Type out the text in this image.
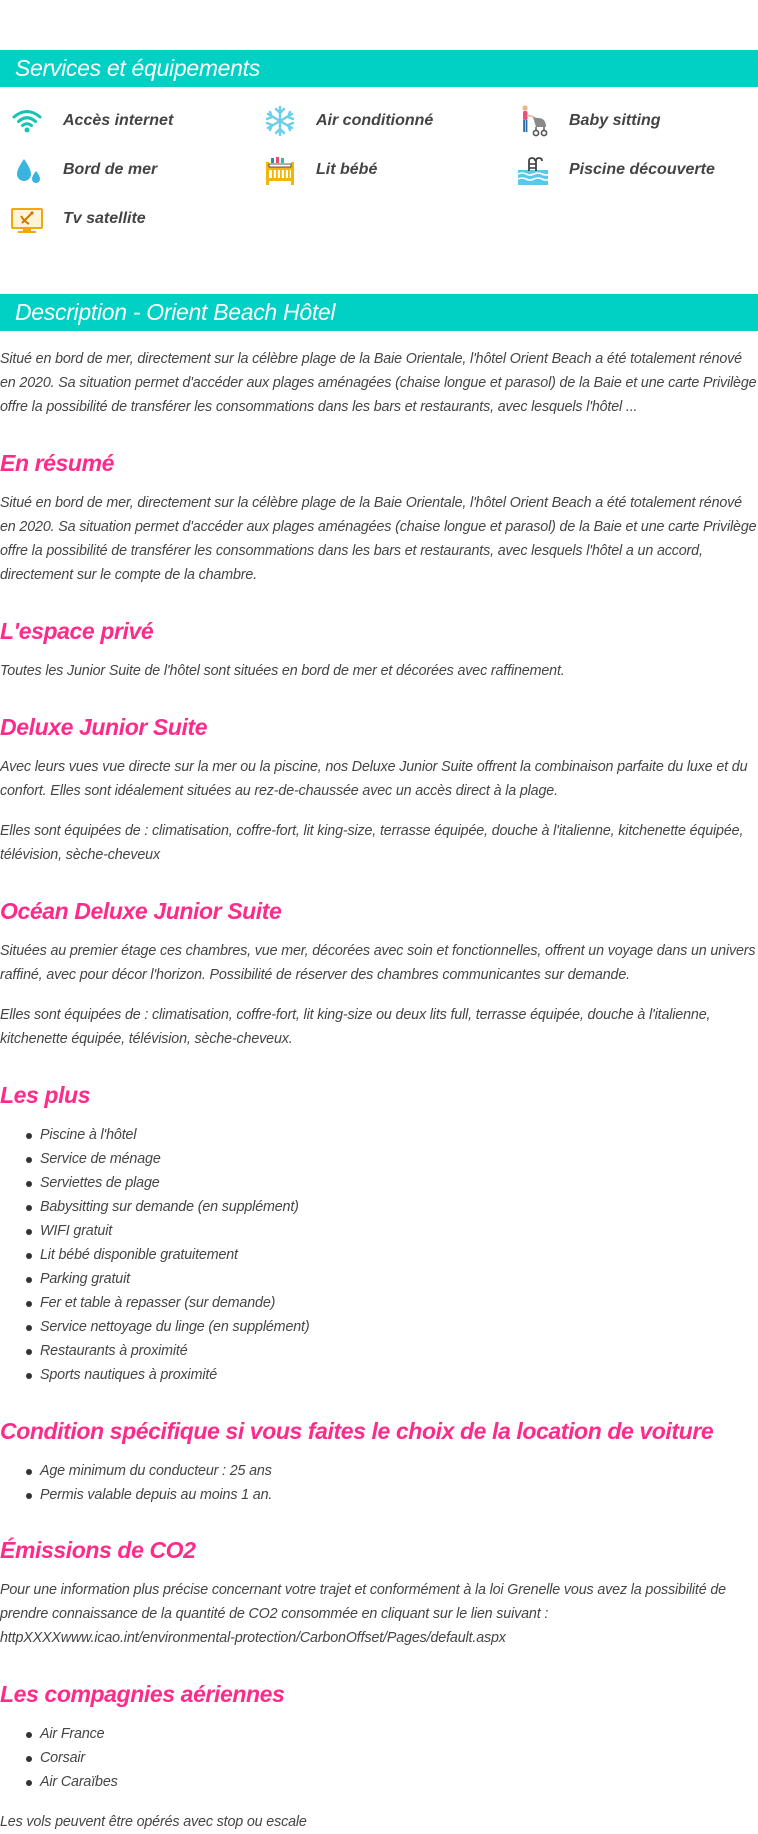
Services et équipements
Accès internet	Air conditionné	Baby sitting
Bord de mer	Lit bébé	Piscine découverte
Tv satellite
Description - Orient Beach Hôtel

Situé en bord de mer, directement sur la célèbre plage de la Baie Orientale, l'hôtel Orient Beach a été totalement rénové en 2020. Sa situation permet d'accéder aux plages aménagées (chaise longue et parasol) de la Baie et une carte Privilège offre la possibilité de transférer les consommations dans les bars et restaurants, avec lesquels l'hôtel ...

En résumé

Situé en bord de mer, directement sur la célèbre plage de la Baie Orientale, l'hôtel Orient Beach a été totalement rénové en 2020. Sa situation permet d'accéder aux plages aménagées (chaise longue et parasol) de la Baie et une carte Privilège offre la possibilité de transférer les consommations dans les bars et restaurants, avec lesquels l'hôtel a un accord, directement sur le compte de la chambre.

L'espace privé

Toutes les Junior Suite de l'hôtel sont situées en bord de mer et décorées avec raffinement.

Deluxe Junior Suite

Avec leurs vues vue directe sur la mer ou la piscine, nos Deluxe Junior Suite offrent la combinaison parfaite du luxe et du confort. Elles sont idéalement situées au rez-de-chaussée avec un accès direct à la plage.

Elles sont équipées de : climatisation, coffre-fort, lit king-size, terrasse équipée, douche à l'italienne, kitchenette équipée, télévision, sèche-cheveux

Océan Deluxe Junior Suite

Situées au premier étage ces chambres, vue mer, décorées avec soin et fonctionnelles, offrent un voyage dans un univers raffiné, avec pour décor l'horizon. Possibilité de réserver des chambres communicantes sur demande.

Elles sont équipées de : climatisation, coffre-fort, lit king-size ou deux lits full, terrasse équipée, douche à l'italienne, kitchenette équipée, télévision, sèche-cheveux.

Les plus
Piscine à l'hôtel
Service de ménage
Serviettes de plage
Babysitting sur demande (en supplément)
WIFI gratuit
Lit bébé disponible gratuitement
Parking gratuit
Fer et table à repasser (sur demande)
Service nettoyage du linge (en supplément)
Restaurants à proximité
Sports nautiques à proximité
Condition spécifique si vous faites le choix de la location de voiture
Age minimum du conducteur : 25 ans
Permis valable depuis au moins 1 an.
Émissions de CO2

Pour une information plus précise concernant votre trajet et conformément à la loi Grenelle vous avez la possibilité de prendre connaissance de la quantité de CO2 consommée en cliquant sur le lien suivant : httpXXXXwww.icao.int/environmental-protection/CarbonOffset/Pages/default.aspx

Les compagnies aériennes
Air France
Corsair
Air Caraïbes

Les vols peuvent être opérés avec stop ou escale
